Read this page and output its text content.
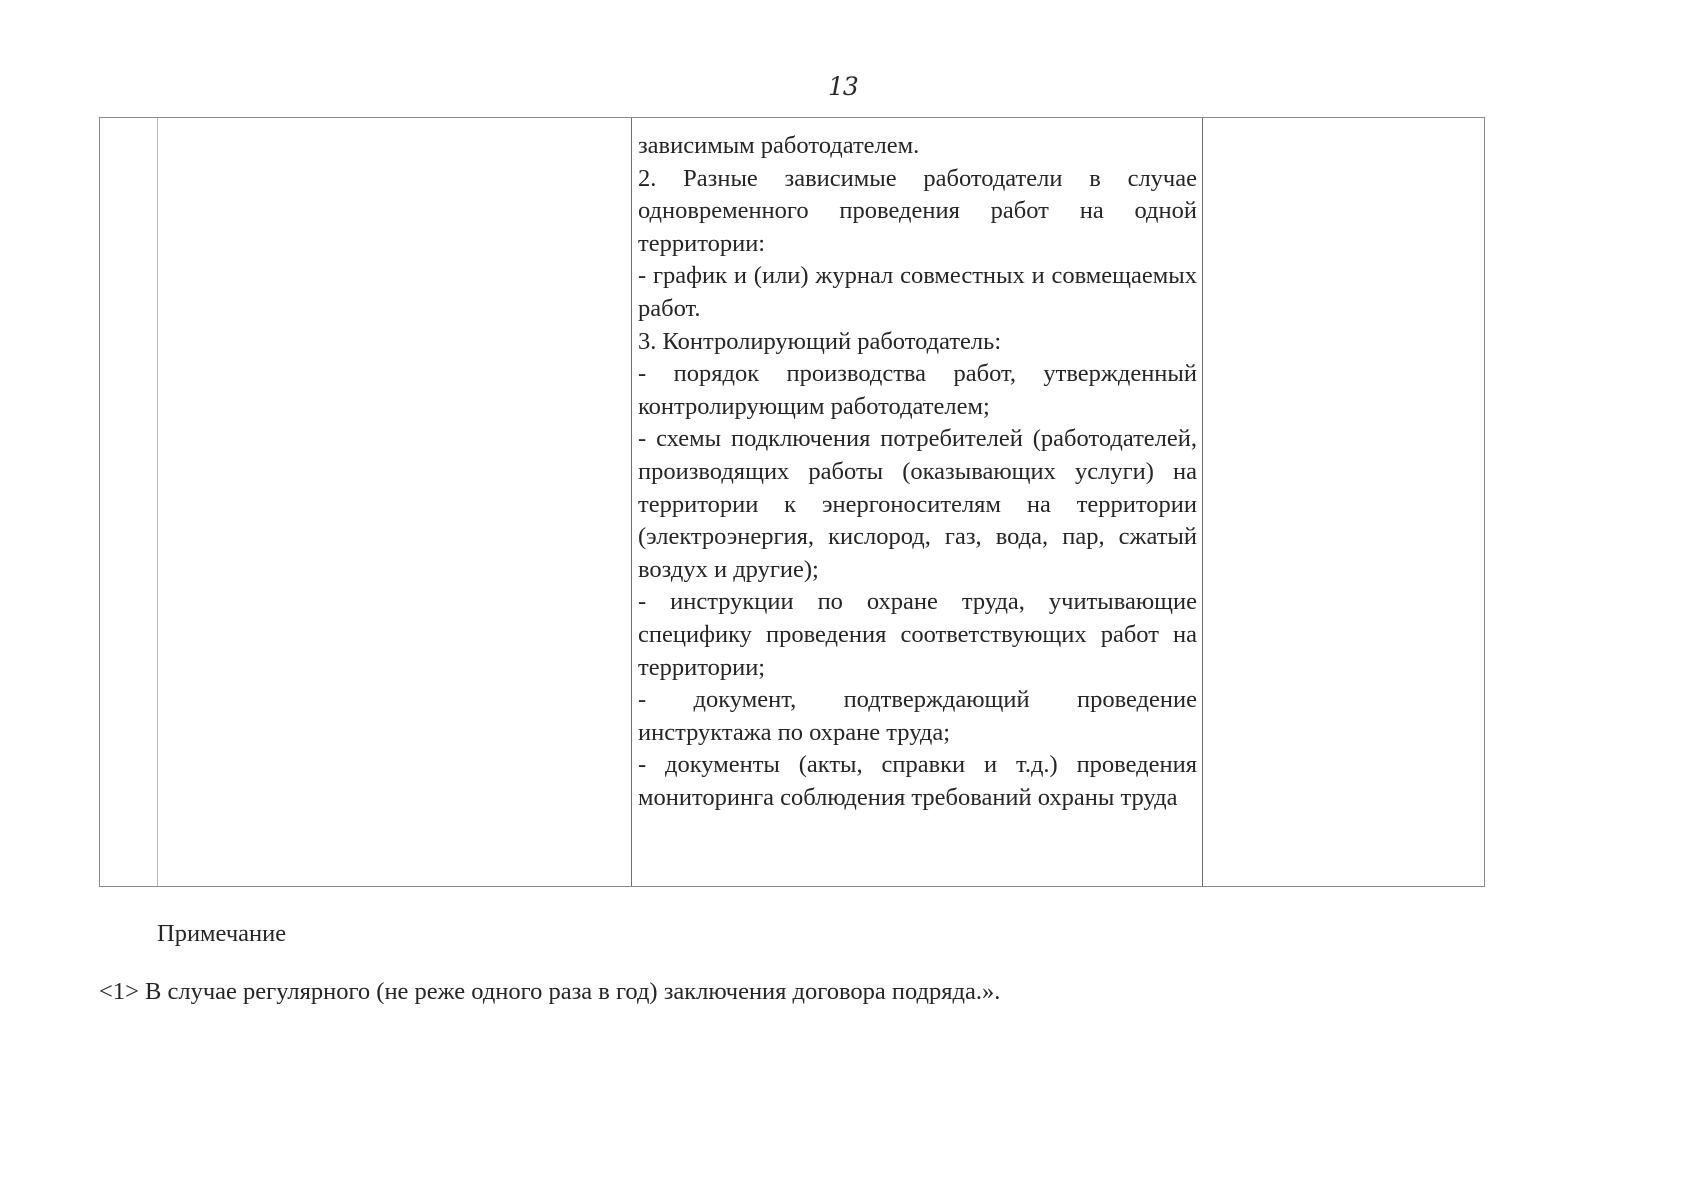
13

зависимым работодателем.

2. Разные зависимые работодатели в случае одновременного проведения работ на одной территории:

- график и (или) журнал совместных и совмещаемых работ.

3. Контролирующий работодатель:

- порядок производства работ, утвержденный контролирующим работодателем;

- схемы подключения потребителей (работодателей, производящих работы (оказывающих услуги) на территории к энергоносителям на территории (электроэнергия, кислород, газ, вода, пар, сжатый воздух и другие);

- инструкции по охране труда, учитывающие специфику проведения соответствующих работ на территории;

- документ, подтверждающий проведение инструктажа по охране труда;

- документы (акты, справки и т.д.) проведения мониторинга соблюдения требований охраны труда

Примечание
<1> В случае регулярного (не реже одного раза в год) заключения договора подряда.».
